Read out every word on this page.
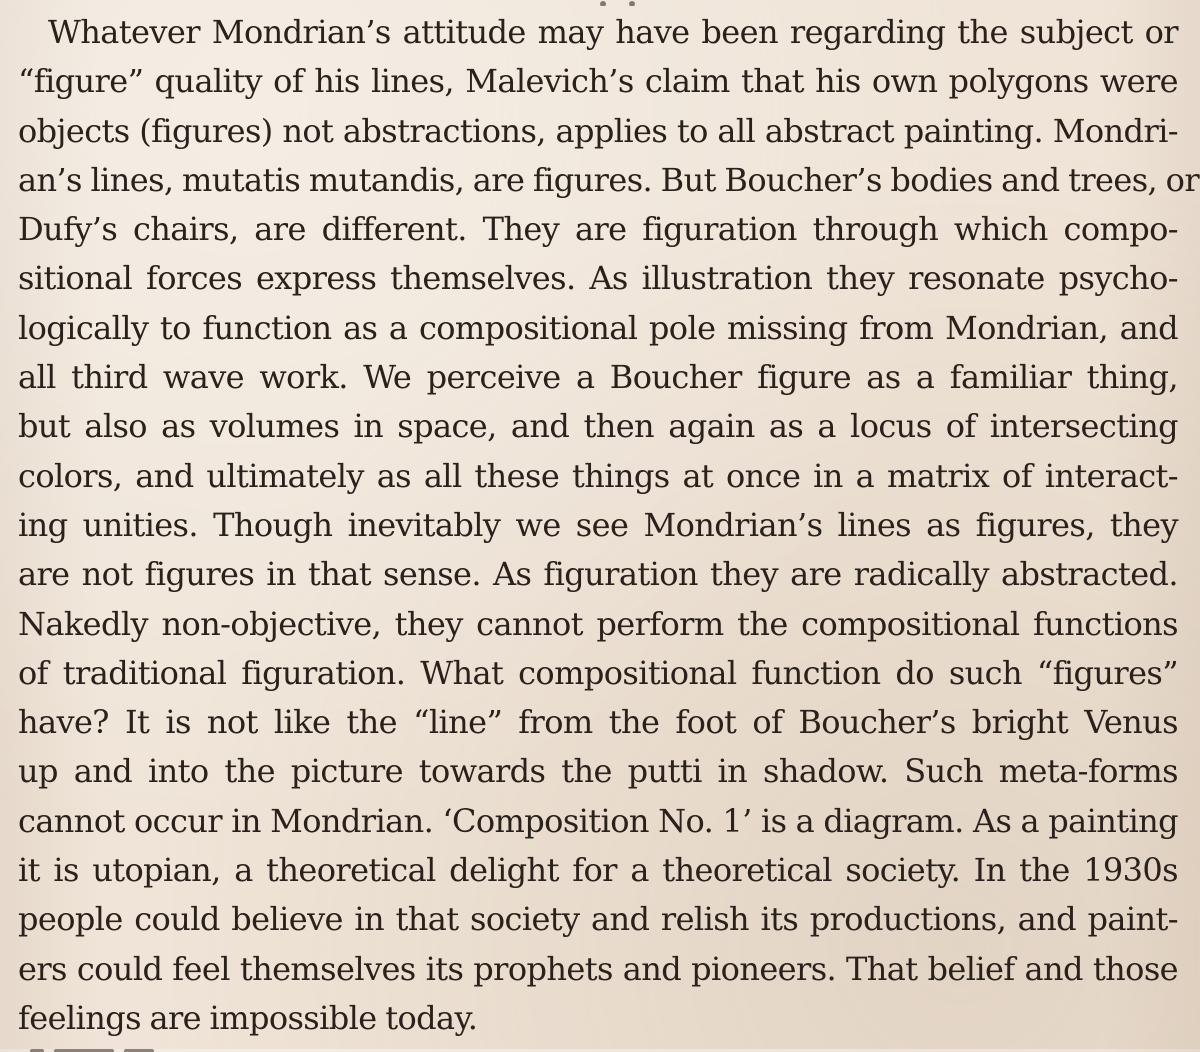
Whatever Mondrian’s attitude may have been regarding the subject or
“figure” quality of his lines, Malevich’s claim that his own polygons were
objects (figures) not abstractions, applies to all abstract painting. Mondri-
an’s lines, mutatis mutandis, are figures. But Boucher’s bodies and trees, or
Dufy’s chairs, are different. They are figuration through which compo-
sitional forces express themselves. As illustration they resonate psycho-
logically to function as a compositional pole missing from Mondrian, and
all third wave work. We perceive a Boucher figure as a familiar thing,
but also as volumes in space, and then again as a locus of intersecting
colors, and ultimately as all these things at once in a matrix of interact-
ing unities. Though inevitably we see Mondrian’s lines as figures, they
are not figures in that sense. As figuration they are radically abstracted.
Nakedly non-objective, they cannot perform the compositional functions
of traditional figuration. What compositional function do such “figures”
have? It is not like the “line” from the foot of Boucher’s bright Venus
up and into the picture towards the putti in shadow. Such meta-forms
cannot occur in Mondrian. ‘Composition No. 1’ is a diagram. As a painting
it is utopian, a theoretical delight for a theoretical society. In the 1930s
people could believe in that society and relish its productions, and paint-
ers could feel themselves its prophets and pioneers. That belief and those
feelings are impossible today.
